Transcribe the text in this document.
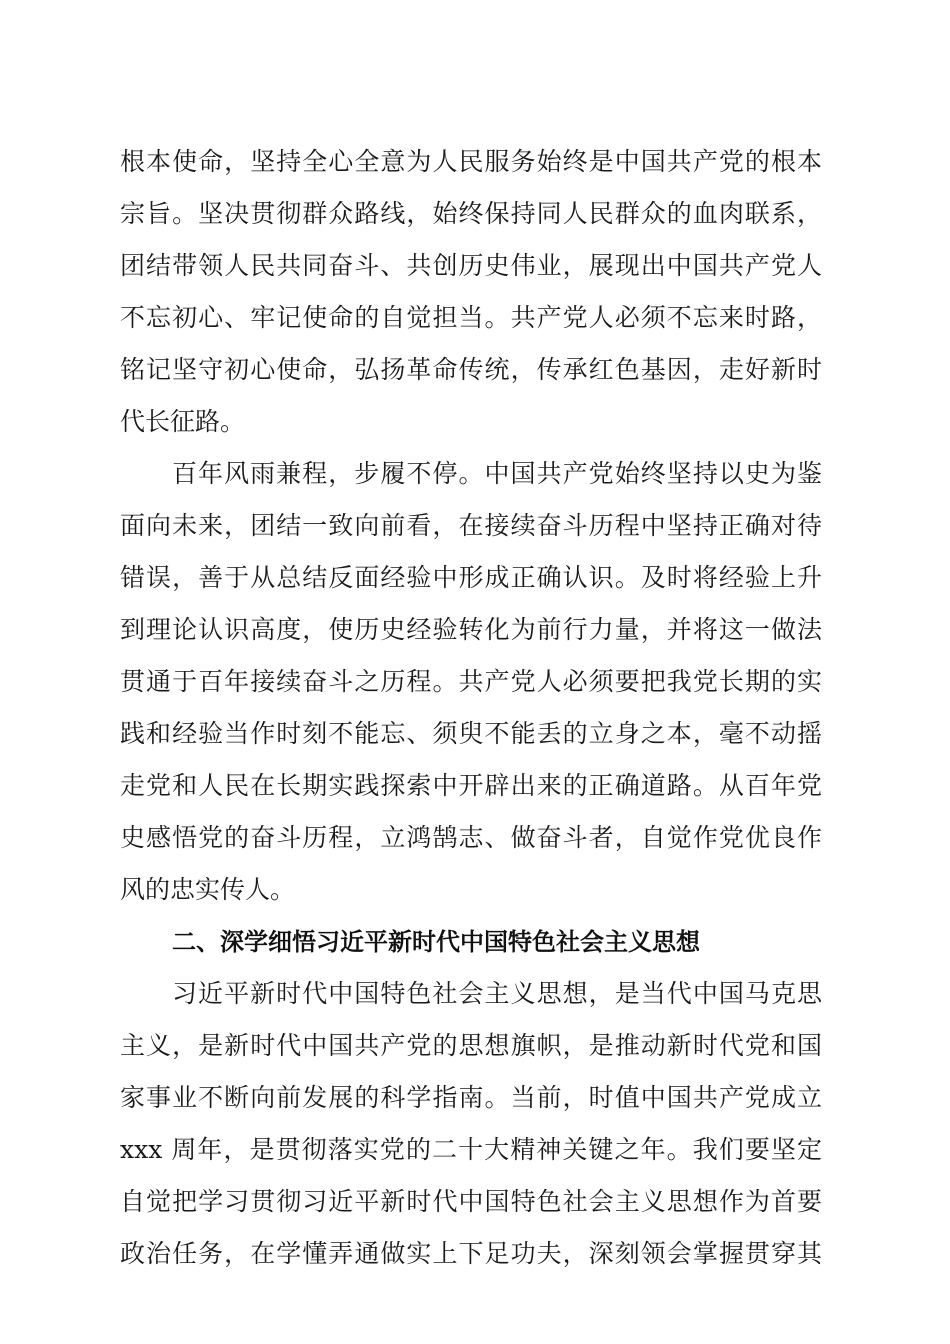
根本使命，坚持全心全意为人民服务始终是中国共产党的根本
宗旨。坚决贯彻群众路线，始终保持同人民群众的血肉联系，
团结带领人民共同奋斗、共创历史伟业，展现出中国共产党人
不忘初心、牢记使命的自觉担当。共产党人必须不忘来时路，
铭记坚守初心使命，弘扬革命传统，传承红色基因，走好新时
代长征路。
百年风雨兼程，步履不停。中国共产党始终坚持以史为鉴
面向未来，团结一致向前看，在接续奋斗历程中坚持正确对待
错误，善于从总结反面经验中形成正确认识。及时将经验上升
到理论认识高度，使历史经验转化为前行力量，并将这一做法
贯通于百年接续奋斗之历程。共产党人必须要把我党长期的实
践和经验当作时刻不能忘、须臾不能丢的立身之本，毫不动摇
走党和人民在长期实践探索中开辟出来的正确道路。从百年党
史感悟党的奋斗历程，立鸿鹄志、做奋斗者，自觉作党优良作
风的忠实传人。
二、深学细悟习近平新时代中国特色社会主义思想
习近平新时代中国特色社会主义思想，是当代中国马克思
主义，是新时代中国共产党的思想旗帜，是推动新时代党和国
家事业不断向前发展的科学指南。当前，时值中国共产党成立
xxx 周年，是贯彻落实党的二十大精神关键之年。我们要坚定
自觉把学习贯彻习近平新时代中国特色社会主义思想作为首要
政治任务，在学懂弄通做实上下足功夫，深刻领会掌握贯穿其
